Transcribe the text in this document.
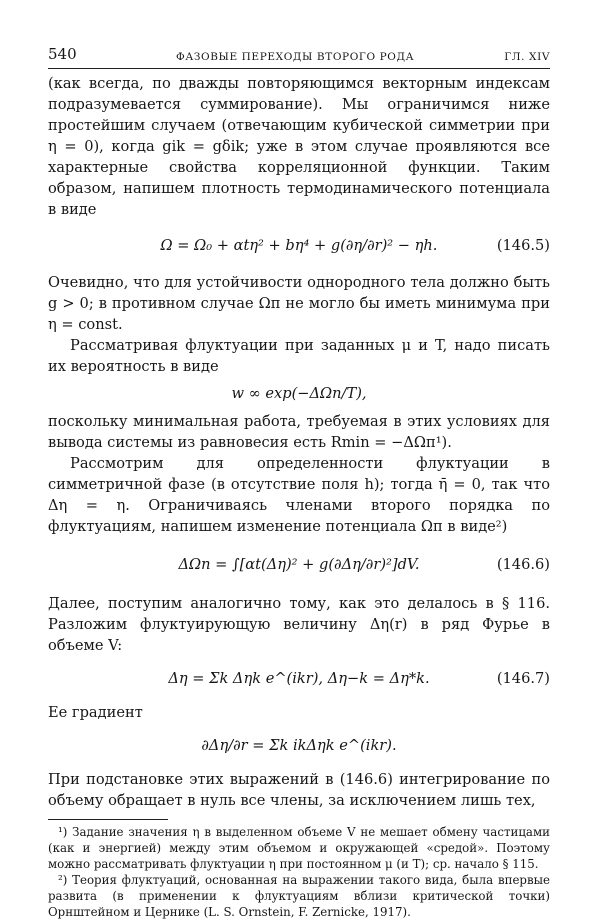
540	ФАЗОВЫЕ ПЕРЕХОДЫ ВТОРОГО РОДА	ГЛ. XIV

(как всегда, по дважды повторяющимся векторным индексам подразумевается суммирование). Мы ограничимся ниже простейшим случаем (отвечающим кубической симметрии при η = 0), когда gik = gδik; уже в этом случае проявляются все характерные свойства корреляционной функции. Таким образом, напишем плотность термодинамического потенциала в виде

Ω = Ω₀ + αtη² + bη⁴ + g(∂η/∂r)² − ηh.	(146.5)

Очевидно, что для устойчивости однородного тела должно быть g > 0; в противном случае Ωп не могло бы иметь минимума при η = const.

Рассматривая флуктуации при заданных μ и T, надо писать их вероятность в виде

w ∞ exp(−ΔΩп/T),

поскольку минимальная работа, требуемая в этих условиях для вывода системы из равновесия есть Rmin = −ΔΩп¹).

Рассмотрим для определенности флуктуации в симметричной фазе (в отсутствие поля h); тогда η̄ = 0, так что Δη = η. Ограничиваясь членами второго порядка по флуктуациям, напишем изменение потенциала Ωп в виде²)

ΔΩп = ∫[αt(Δη)² + g(∂Δη/∂r)²]dV.	(146.6)

Далее, поступим аналогично тому, как это делалось в § 116. Разложим флуктуирующую величину Δη(r) в ряд Фурье в объеме V:

Δη = Σk Δηk e^(ikr), Δη−k = Δη*k.	(146.7)

Ее градиент

∂Δη/∂r = Σk ikΔηk e^(ikr).

При подстановке этих выражений в (146.6) интегрирование по объему обращает в нуль все члены, за исключением лишь тех,

¹) Задание значения η в выделенном объеме V не мешает обмену частицами (как и энергией) между этим объемом и окружающей «средой». Поэтому можно рассматривать флуктуации η при постоянном μ (и T); ср. начало § 115.

²) Теория флуктуаций, основанная на выражении такого вида, была впервые развита (в применении к флуктуациям вблизи критической точки) Орнштейном и Цернике (L. S. Ornstein, F. Zernicke, 1917).
